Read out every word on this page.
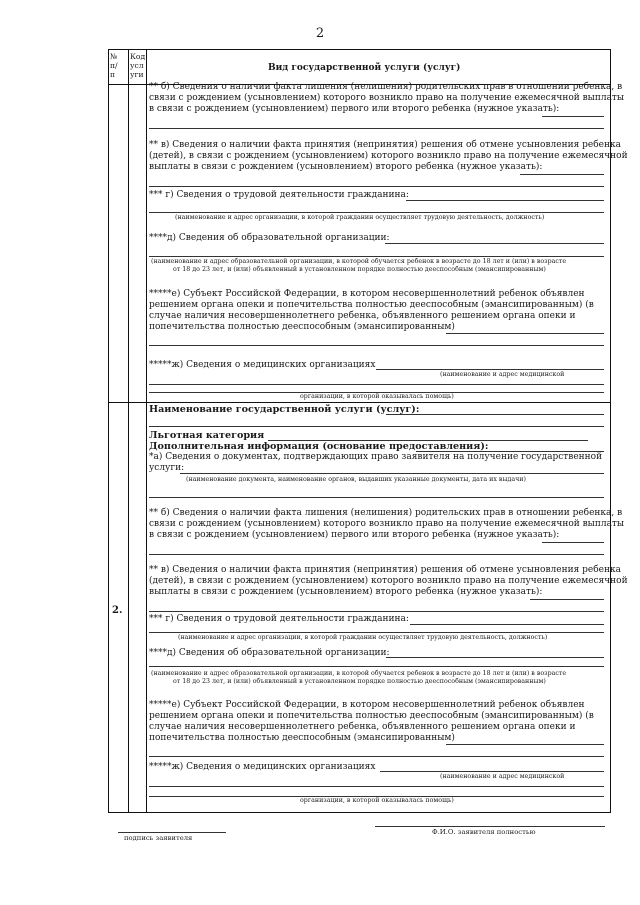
2
№
п/
п
Код
усл
уги
Вид государственной услуги (услуг)
** б) Сведения о наличии факта лишения (нелишения) родительских прав в отношении ребенка, в
связи с рождением (усыновлением) которого возникло право на получение ежемесячной выплаты
в связи с рождением (усыновлением) первого или второго ребенка (нужное указать):
** в) Сведения о наличии факта принятия (непринятия) решения об отмене усыновления ребенка
(детей), в связи с рождением (усыновлением) которого возникло право на получение ежемесячной
выплаты в связи с рождением (усыновлением) второго ребенка (нужное указать):
*** г) Сведения о трудовой деятельности гражданина:
(наименование и адрес организации, в которой гражданин осуществляет трудовую деятельность, должность)
****д) Сведения об образовательной организации:
(наименование и адрес образовательной организации, в которой обучается ребенок в возрасте до 18 лет и (или) в возрасте
от 18 до 23 лет, и (или) объявленный в установленном порядке полностью дееспособным (эмансипированным)
*****е) Субъект Российской Федерации, в котором несовершеннолетний ребенок объявлен
решением органа опеки и попечительства полностью дееспособным (эмансипированным) (в
случае наличия несовершеннолетнего ребенка, объявленного решением органа опеки и
попечительства полностью дееспособным (эмансипированным)
*****ж) Сведения о медицинских организациях
(наименование и адрес медицинской
организации, в которой оказывалась помощь)
2.
Наименование государственной услуги (услуг):
Льготная категория
Дополнительная информация (основание предоставления):
*а) Сведения о документах, подтверждающих право заявителя на получение государственной
услуги:
(наименование документа, наименование органов, выдавших указанные документы, дата их выдачи)
** б) Сведения о наличии факта лишения (нелишения) родительских прав в отношении ребенка, в
связи с рождением (усыновлением) которого возникло право на получение ежемесячной выплаты
в связи с рождением (усыновлением) первого или второго ребенка (нужное указать):
** в) Сведения о наличии факта принятия (непринятия) решения об отмене усыновления ребенка
(детей), в связи с рождением (усыновлением) которого возникло право на получение ежемесячной
выплаты в связи с рождением (усыновлением) второго ребенка (нужное указать):
*** г) Сведения о трудовой деятельности гражданина:
(наименование и адрес организации, в которой гражданин осуществляет трудовую деятельность, должность)
****д) Сведения об образовательной организации:
(наименование и адрес образовательной организации, в которой обучается ребенок в возрасте до 18 лет и (или) в возрасте
от 18 до 23 лет, и (или) объявленный в установленном порядке полностью дееспособным (эмансипированным)
*****е) Субъект Российской Федерации, в котором несовершеннолетний ребенок объявлен
решением органа опеки и попечительства полностью дееспособным (эмансипированным) (в
случае наличия несовершеннолетнего ребенка, объявленного решением органа опеки и
попечительства полностью дееспособным (эмансипированным)
*****ж) Сведения о медицинских организациях
(наименование и адрес медицинской
организации, в которой оказывалась помощь)
подпись заявителя
Ф.И.О. заявителя полностью
